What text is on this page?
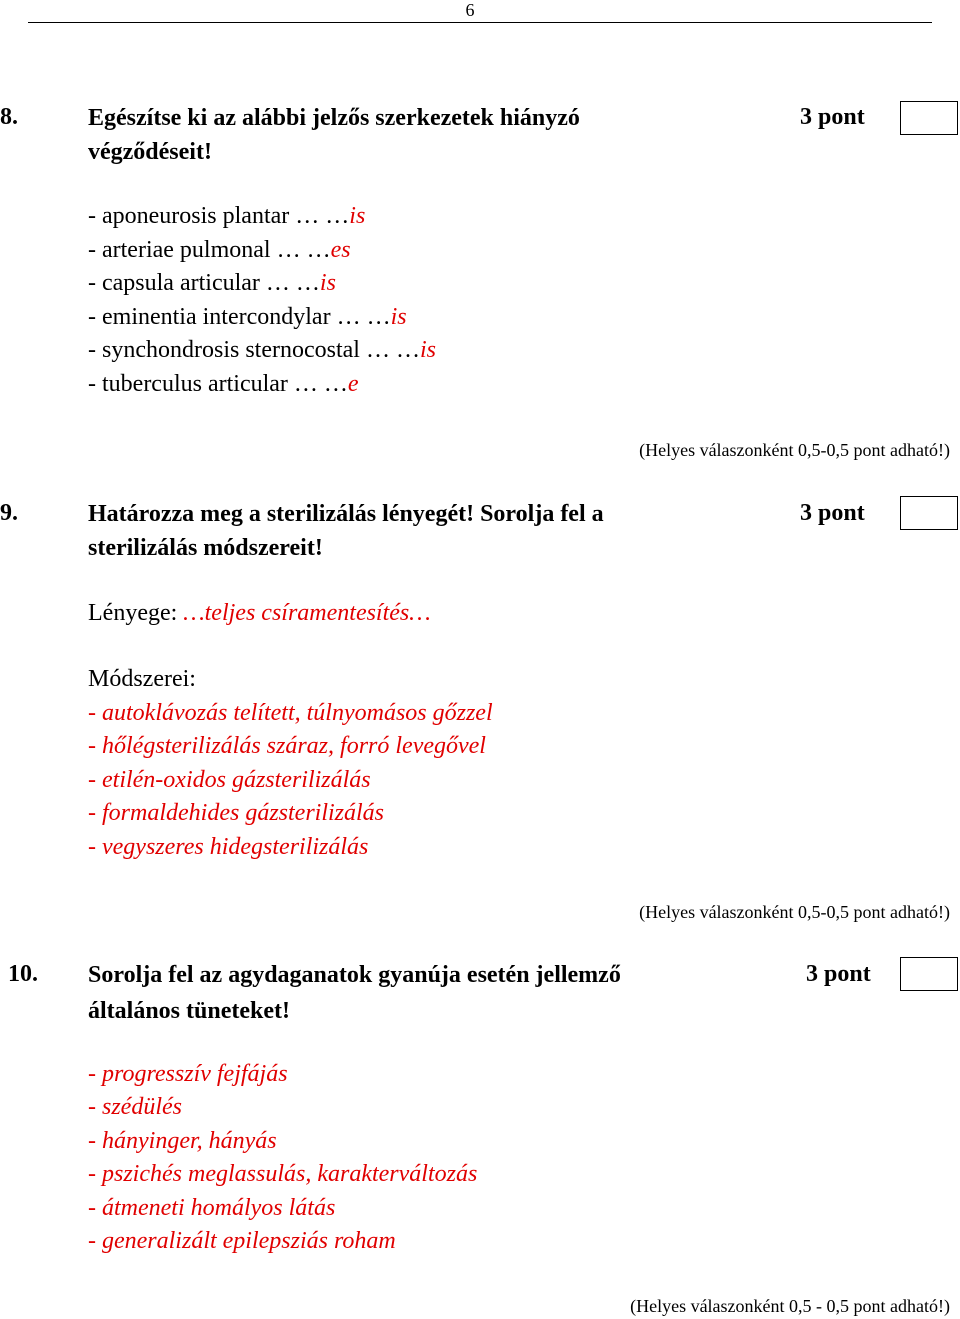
6
8.	Egészítse ki az alábbi jelzős szerkezetek hiányzó
végződéseit!
3 pont
- aponeurosis plantar … …is
- arteriae pulmonal … …es
- capsula articular … …is
- eminentia intercondylar … …is
- synchondrosis sternocostal … …is
- tuberculus articular … …e
(Helyes válaszonként 0,5-0,5 pont adható!)
9.	Határozza meg a sterilizálás lényegét! Sorolja fel a
sterilizálás módszereit!
3 pont
Lényege: …teljes csíramentesítés…
Módszerei:
- autoklávozás telített, túlnyomásos gőzzel
- hőlégsterilizálás száraz, forró levegővel
- etilén-oxidos gázsterilizálás
- formaldehides gázsterilizálás
- vegyszeres hidegsterilizálás
(Helyes válaszonként 0,5-0,5 pont adható!)
10. Sorolja fel az agydaganatok gyanúja esetén jellemző
általános tüneteket!
3 pont
- progresszív fejfájás
- szédülés
- hányinger, hányás
- pszichés meglassulás, karakterváltozás
- átmeneti homályos látás
- generalizált epilepsziás roham
(Helyes válaszonként 0,5 - 0,5 pont adható!)
